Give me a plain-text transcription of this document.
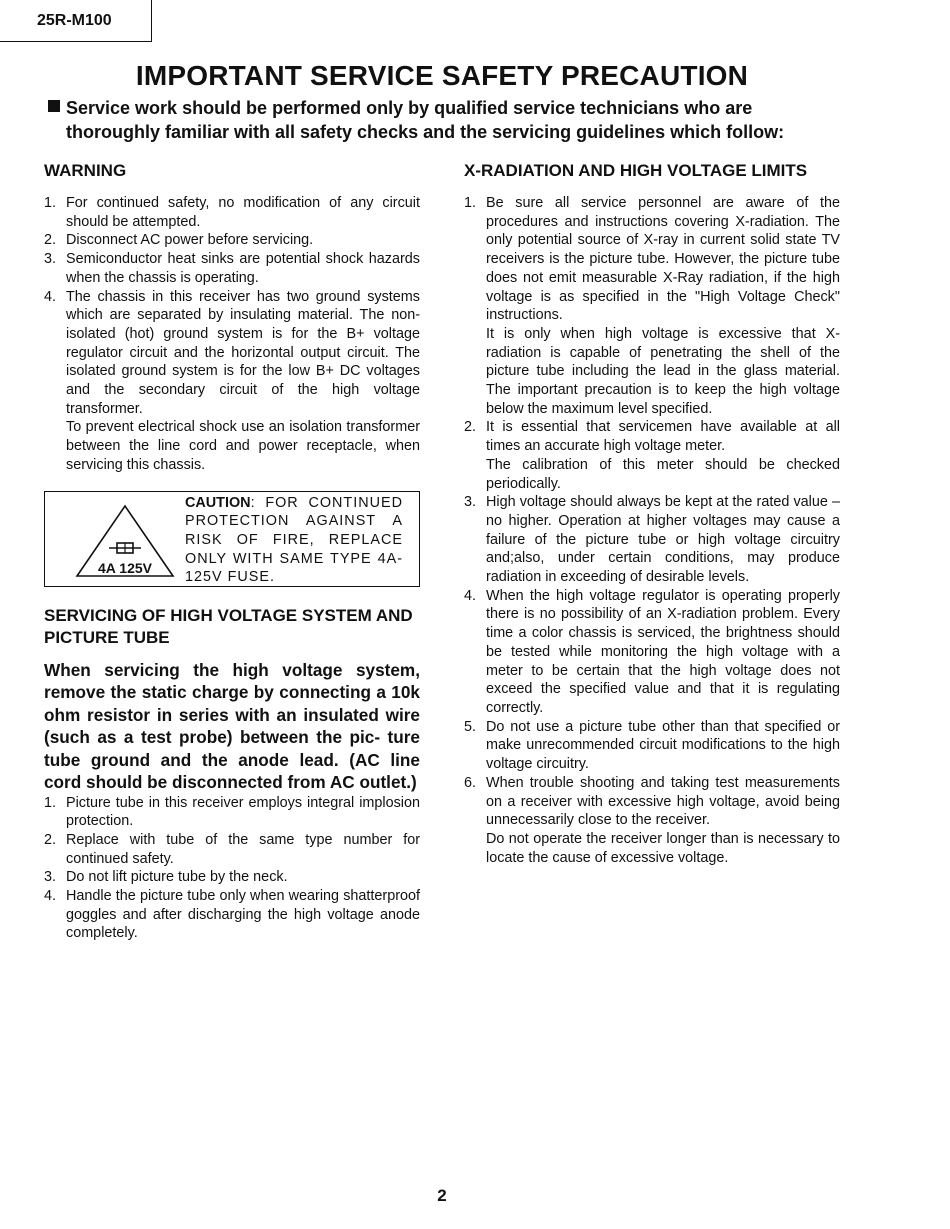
25R-M100
IMPORTANT SERVICE SAFETY PRECAUTION
Service work should be performed only by qualified service technicians who are thoroughly familiar with all safety checks and the servicing guidelines which follow:
WARNING
1. For continued safety, no modification of any circuit should be attempted.
2. Disconnect AC power before servicing.
3. Semiconductor heat sinks are potential shock hazards when the chassis is operating.
4. The chassis in this receiver has two ground systems which are separated by insulating material. The non-isolated (hot) ground system is for the B+ voltage regulator circuit and the horizontal output circuit. The isolated ground system is for the low B+ DC voltages and the secondary circuit of the high voltage transformer.
To prevent electrical shock use an isolation transformer between the line cord and power receptacle, when servicing this chassis.
4A 125V
CAUTION: FOR CONTINUED PROTECTION AGAINST A RISK OF FIRE, REPLACE ONLY WITH SAME TYPE 4A-125V FUSE.
SERVICING OF HIGH VOLTAGE SYSTEM AND PICTURE TUBE
When servicing the high voltage system, remove the static charge by connecting a 10k ohm resistor in series with an insulated wire (such as a test probe) between the pic- ture tube ground and the anode lead. (AC line cord should be disconnected from AC outlet.)
1. Picture tube in this receiver employs integral implosion protection.
2. Replace with tube of the same type number for continued safety.
3. Do not lift picture tube by the neck.
4. Handle the picture tube only when wearing shatterproof goggles and after discharging the high voltage anode completely.
X-RADIATION AND HIGH VOLTAGE LIMITS
1. Be sure all service personnel are aware of the procedures and instructions covering X-radiation. The only potential source of X-ray in current solid state TV receivers is the picture tube. However, the picture tube does not emit measurable X-Ray radiation, if the high voltage is as specified in the "High Voltage Check" instructions.
It is only when high voltage is excessive that X-radiation is capable of penetrating the shell of the picture tube including the lead in the glass material. The important precaution is to keep the high voltage below the maximum level specified.
2. It is essential that servicemen have available at all times an accurate high voltage meter.
The calibration of this meter should be checked periodically.
3. High voltage should always be kept at the rated value –no higher. Operation at higher voltages may cause a failure of the picture tube or high voltage circuitry and;also, under certain conditions, may produce radiation in exceeding of desirable levels.
4. When the high voltage regulator is operating properly there is no possibility of an X-radiation problem. Every time a color chassis is serviced, the brightness should be tested while monitoring the high voltage with a meter to be certain that the high voltage does not exceed the specified value and that it is regulating correctly.
5. Do not use a picture tube other than that specified or make unrecommended circuit modifications to the high voltage circuitry.
6. When trouble shooting and taking test measurements on a receiver with excessive high voltage, avoid being unnecessarily close to the receiver.
Do not operate the receiver longer than is necessary to locate the cause of excessive voltage.
2
